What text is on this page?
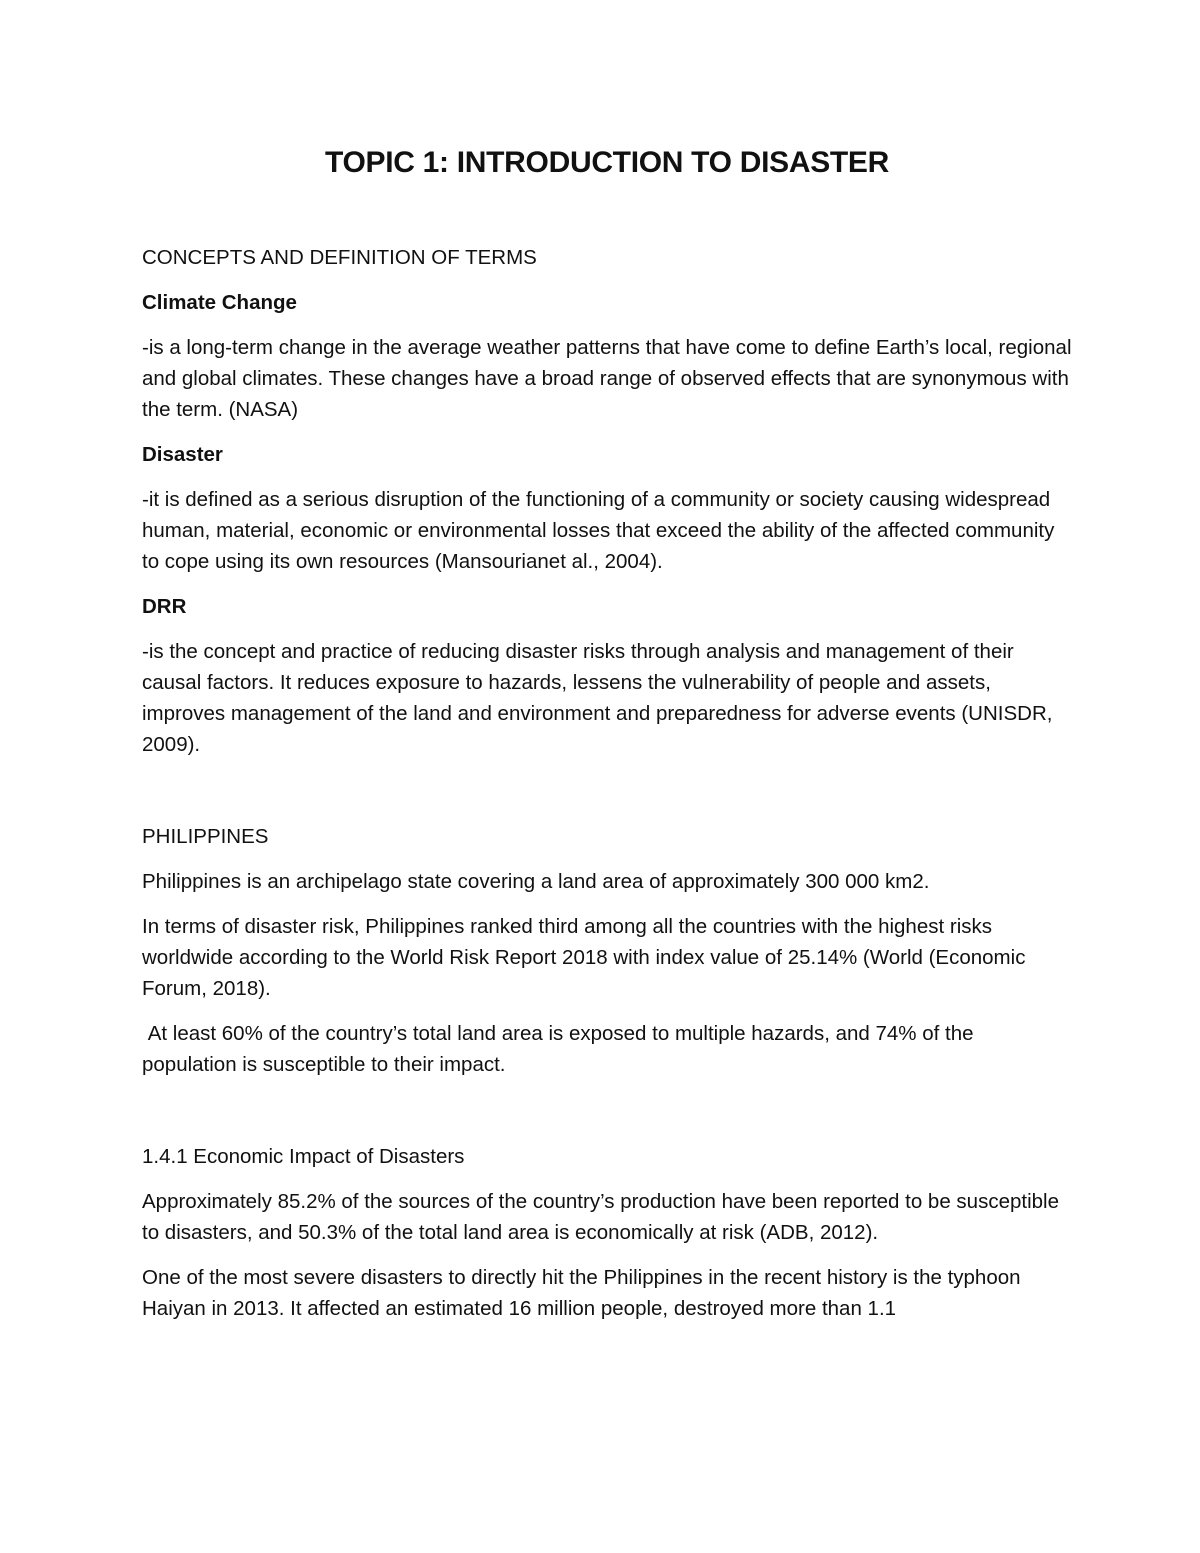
TOPIC 1: INTRODUCTION TO DISASTER
CONCEPTS AND DEFINITION OF TERMS
Climate Change

-is a long-term change in the average weather patterns that have come to define Earth’s local, regional and global climates. These changes have a broad range of observed effects that are synonymous with the term. (NASA)

Disaster

-it is defined as a serious disruption of the functioning of a community or society causing widespread human, material, economic or environmental losses that exceed the ability of the affected community to cope using its own resources (Mansourianet al., 2004).

DRR

-is the concept and practice of reducing disaster risks through analysis and management of their causal factors. It reduces exposure to hazards, lessens the vulnerability of people and assets, improves management of the land and environment and preparedness for adverse events (UNISDR, 2009).

PHILIPPINES

Philippines is an archipelago state covering a land area of approximately 300 000 km2.

In terms of disaster risk, Philippines ranked third among all the countries with the highest risks worldwide according to the World Risk Report 2018 with index value of 25.14% (World (Economic Forum, 2018).

At least 60% of the country’s total land area is exposed to multiple hazards, and 74% of the population is susceptible to their impact.

1.4.1 Economic Impact of Disasters

Approximately 85.2% of the sources of the country’s production have been reported to be susceptible to disasters, and 50.3% of the total land area is economically at risk (ADB, 2012).

One of the most severe disasters to directly hit the Philippines in the recent history is the typhoon Haiyan in 2013. It affected an estimated 16 million people, destroyed more than 1.1
